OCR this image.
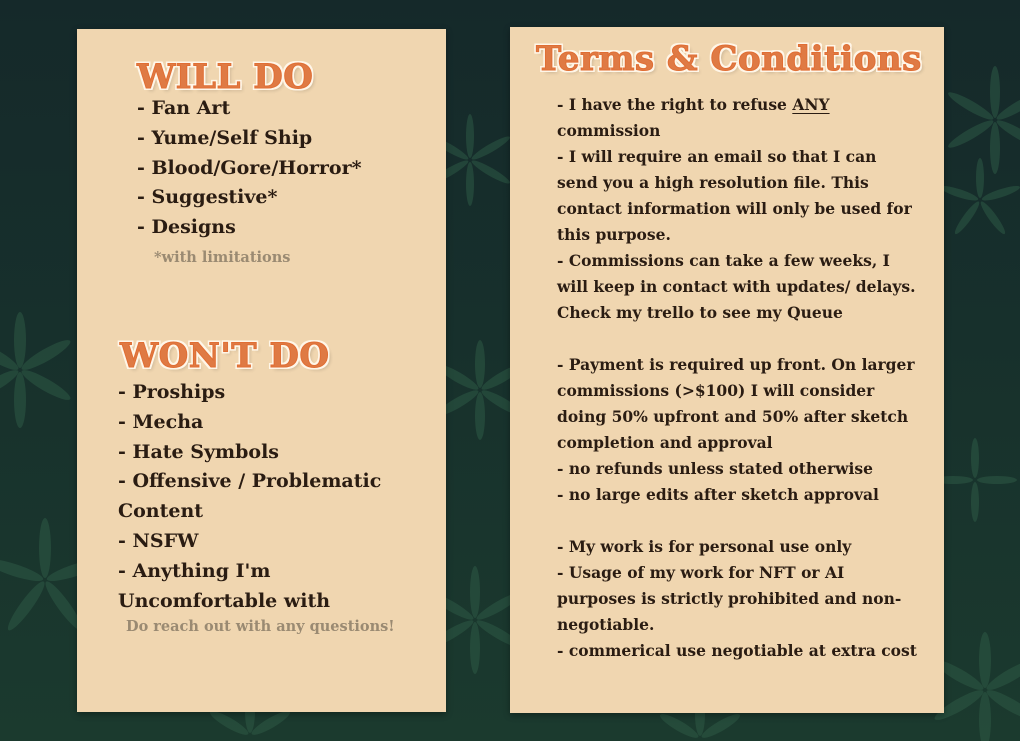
WILL DO
- Fan Art
- Yume/Self Ship
- Blood/Gore/Horror*
- Suggestive*
- Designs

*with limitations

WON'T DO
- Proships
- Mecha
- Hate Symbols
- Offensive / Problematic Content
- NSFW
- Anything I'm Uncomfortable with

Do reach out with any questions!

Terms & Conditions
- I have the right to refuse ANY commission
- I will require an email so that I can send you a high resolution file. This contact information will only be used for this purpose.
- Commissions can take a few weeks, I will keep in contact with updates/ delays. Check my trello to see my Queue
- Payment is required up front. On larger commissions (>$100) I will consider doing 50% upfront and 50% after sketch completion and approval
- no refunds unless stated otherwise
- no large edits after sketch approval
- My work is for personal use only
- Usage of my work for NFT or AI purposes is strictly prohibited and non-negotiable.
- commerical use negotiable at extra cost
